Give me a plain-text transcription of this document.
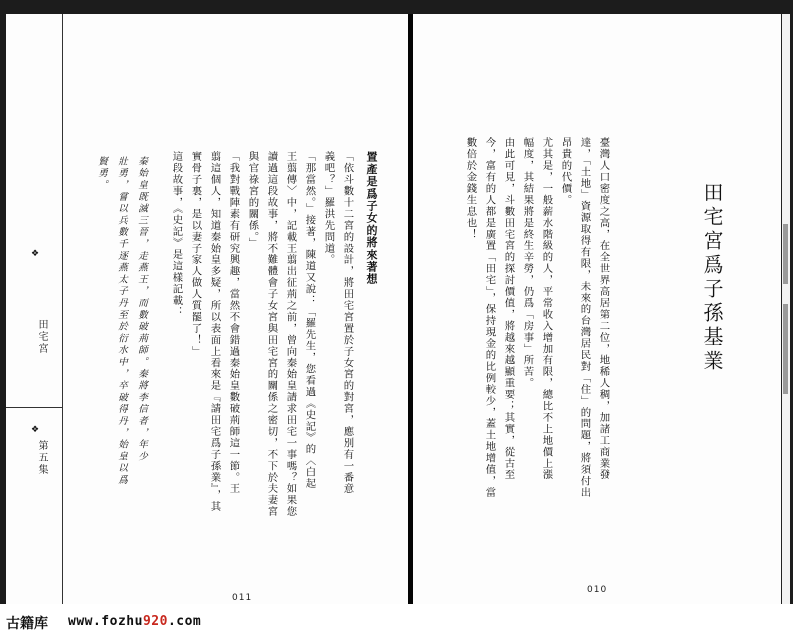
❖
田宅宮
❖
第五集
置產是爲子女的將來著想
「依斗數十二宮的設計，將田宅宮置於子女宮的對宮，應別有一番意
義吧？」羅洪先問道。
「那當然。」接著，陳道又說：「羅先生，您看過《史記》的〈白起
王翦傳〉中，記載王翦出征荊之前，曾向秦始皇請求田宅一事嗎？如果您
讀過這段故事，將不難體會子女宮與田宅宮的關係之密切，不下於夫妻宮
與官祿宮的關係。」
「我對戰陣素有研究興趣，當然不會錯過秦始皇數破荊師這一節。王
翦這個人，知道秦始皇多疑，所以表面上看來是『請田宅爲子孫業』，其
實骨子裏，是以妻子家人做人質罷了！」
這段故事，《史記》是這樣記載：
秦始皇既滅三晉，走燕王，而數破荊師。秦將李信者，年少
壯勇，嘗以兵數千逐燕太子丹至於衍水中，卒破得丹，始皇以爲
賢勇。
011
田宅宮爲子孫基業
臺灣人口密度之高，在全世界高居第二位，地稀人稠，加諸工商業發
達，「土地」資源取得有限，未來的台灣居民對「住」的問題，將須付出
昂貴的代價。
尤其是，一般薪水階級的人，平常收入增加有限，總比不上地價上漲
幅度，其結果將是終生辛勞，仍爲「房事」所苦。
由此可見，斗數田宅宮的探討價值，將越來越顯重要；其實，從古至
今，富有的人都是廣置「田宅」，保持現金的比例較少，蓋土地增值，當
數倍於金錢生息也！
010
古籍库 www.fozhu920.com
